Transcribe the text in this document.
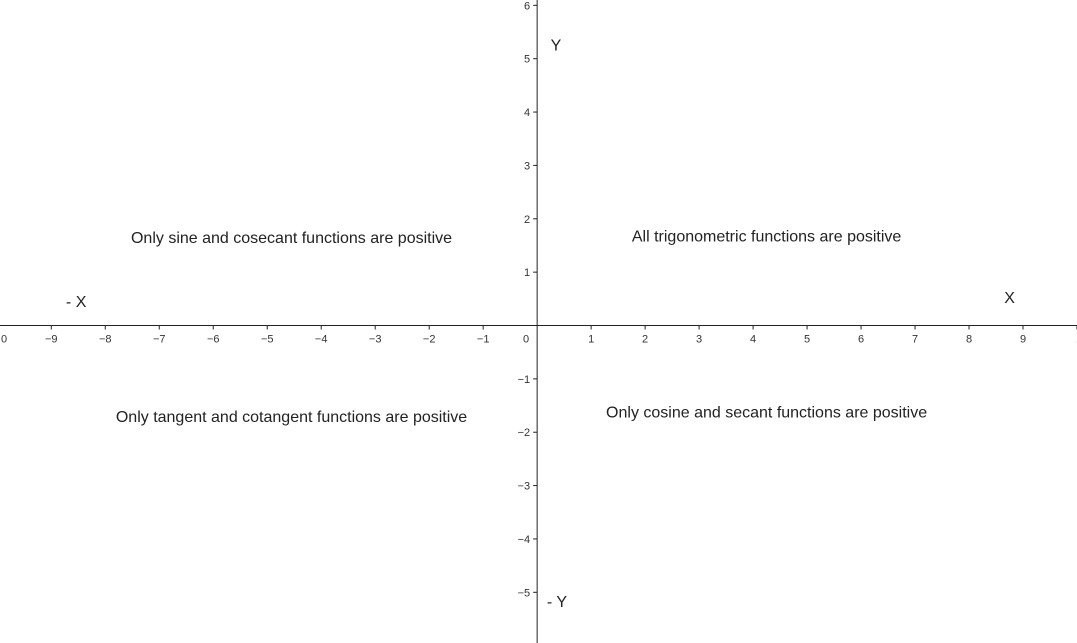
0	−9	−8	−7	−6	−5	−4	−3	−2	−1	0	1	2	3	4	5	6	7	8	9
6
5
4
3
2
1
−1
−2
−3
−4
−5
Y
- Y
X
- X
All trigonometric functions are positive
Only sine and cosecant functions are positive
Only tangent and cotangent functions are positive	Only cosine and secant functions are positive
